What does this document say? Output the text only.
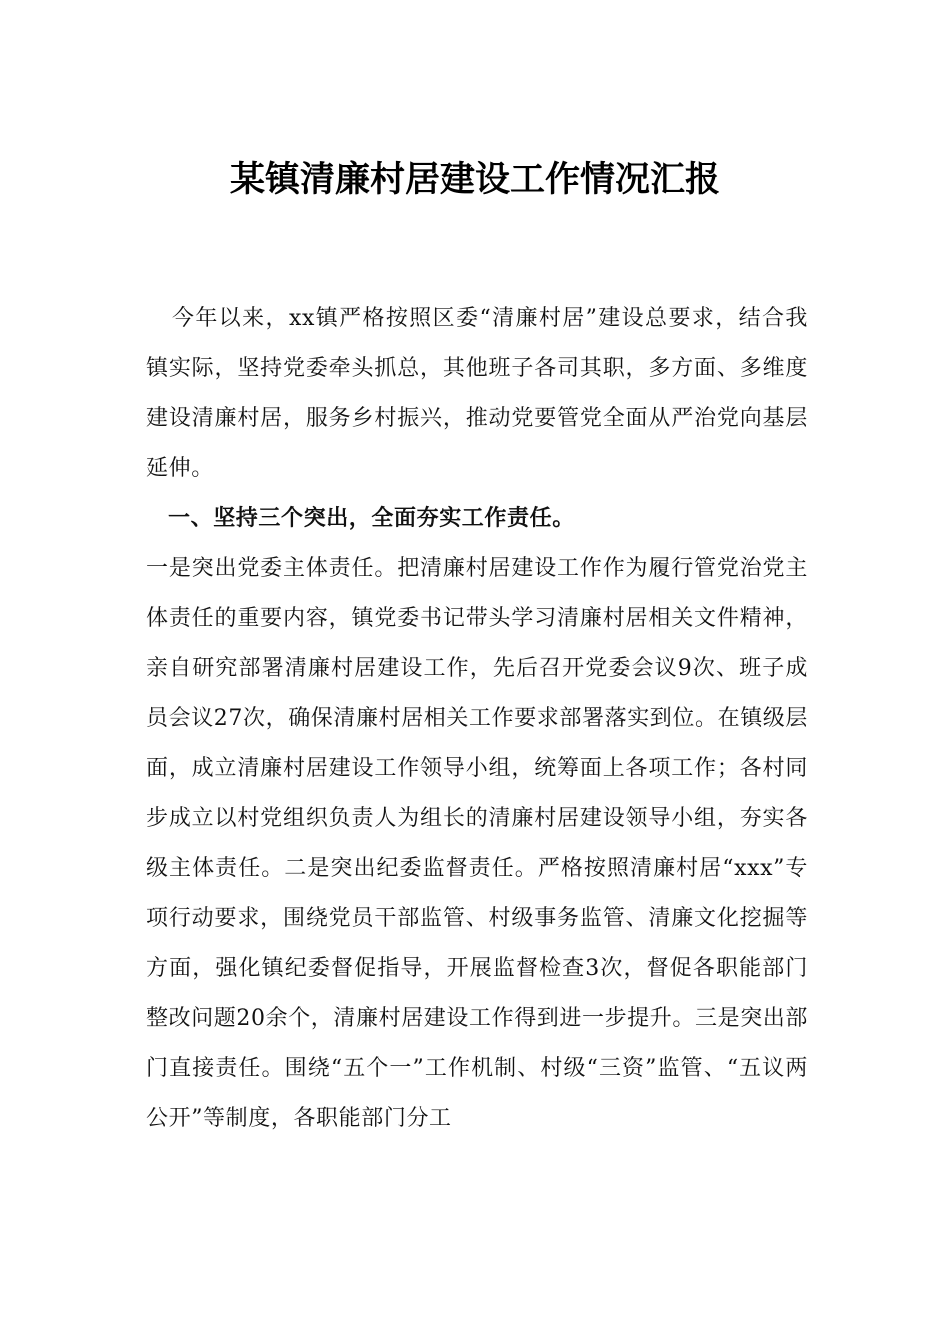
某镇清廉村居建设工作情况汇报

今年以来，xx镇严格按照区委“清廉村居”建设总要求，结合我镇实际，坚持党委牵头抓总，其他班子各司其职，多方面、多维度建设清廉村居，服务乡村振兴，推动党要管党全面从严治党向基层延伸。

一、坚持三个突出，全面夯实工作责任。

一是突出党委主体责任。把清廉村居建设工作作为履行管党治党主体责任的重要内容，镇党委书记带头学习清廉村居相关文件精神，亲自研究部署清廉村居建设工作，先后召开党委会议9次、班子成员会议27次，确保清廉村居相关工作要求部署落实到位。在镇级层面，成立清廉村居建设工作领导小组，统筹面上各项工作；各村同步成立以村党组织负责人为组长的清廉村居建设领导小组，夯实各级主体责任。二是突出纪委监督责任。严格按照清廉村居“xxx”专项行动要求，围绕党员干部监管、村级事务监管、清廉文化挖掘等方面，强化镇纪委督促指导，开展监督检查3次，督促各职能部门整改问题20余个，清廉村居建设工作得到进一步提升。三是突出部门直接责任。围绕“五个一”工作机制、村级“三资”监管、“五议两公开”等制度，各职能部门分工
